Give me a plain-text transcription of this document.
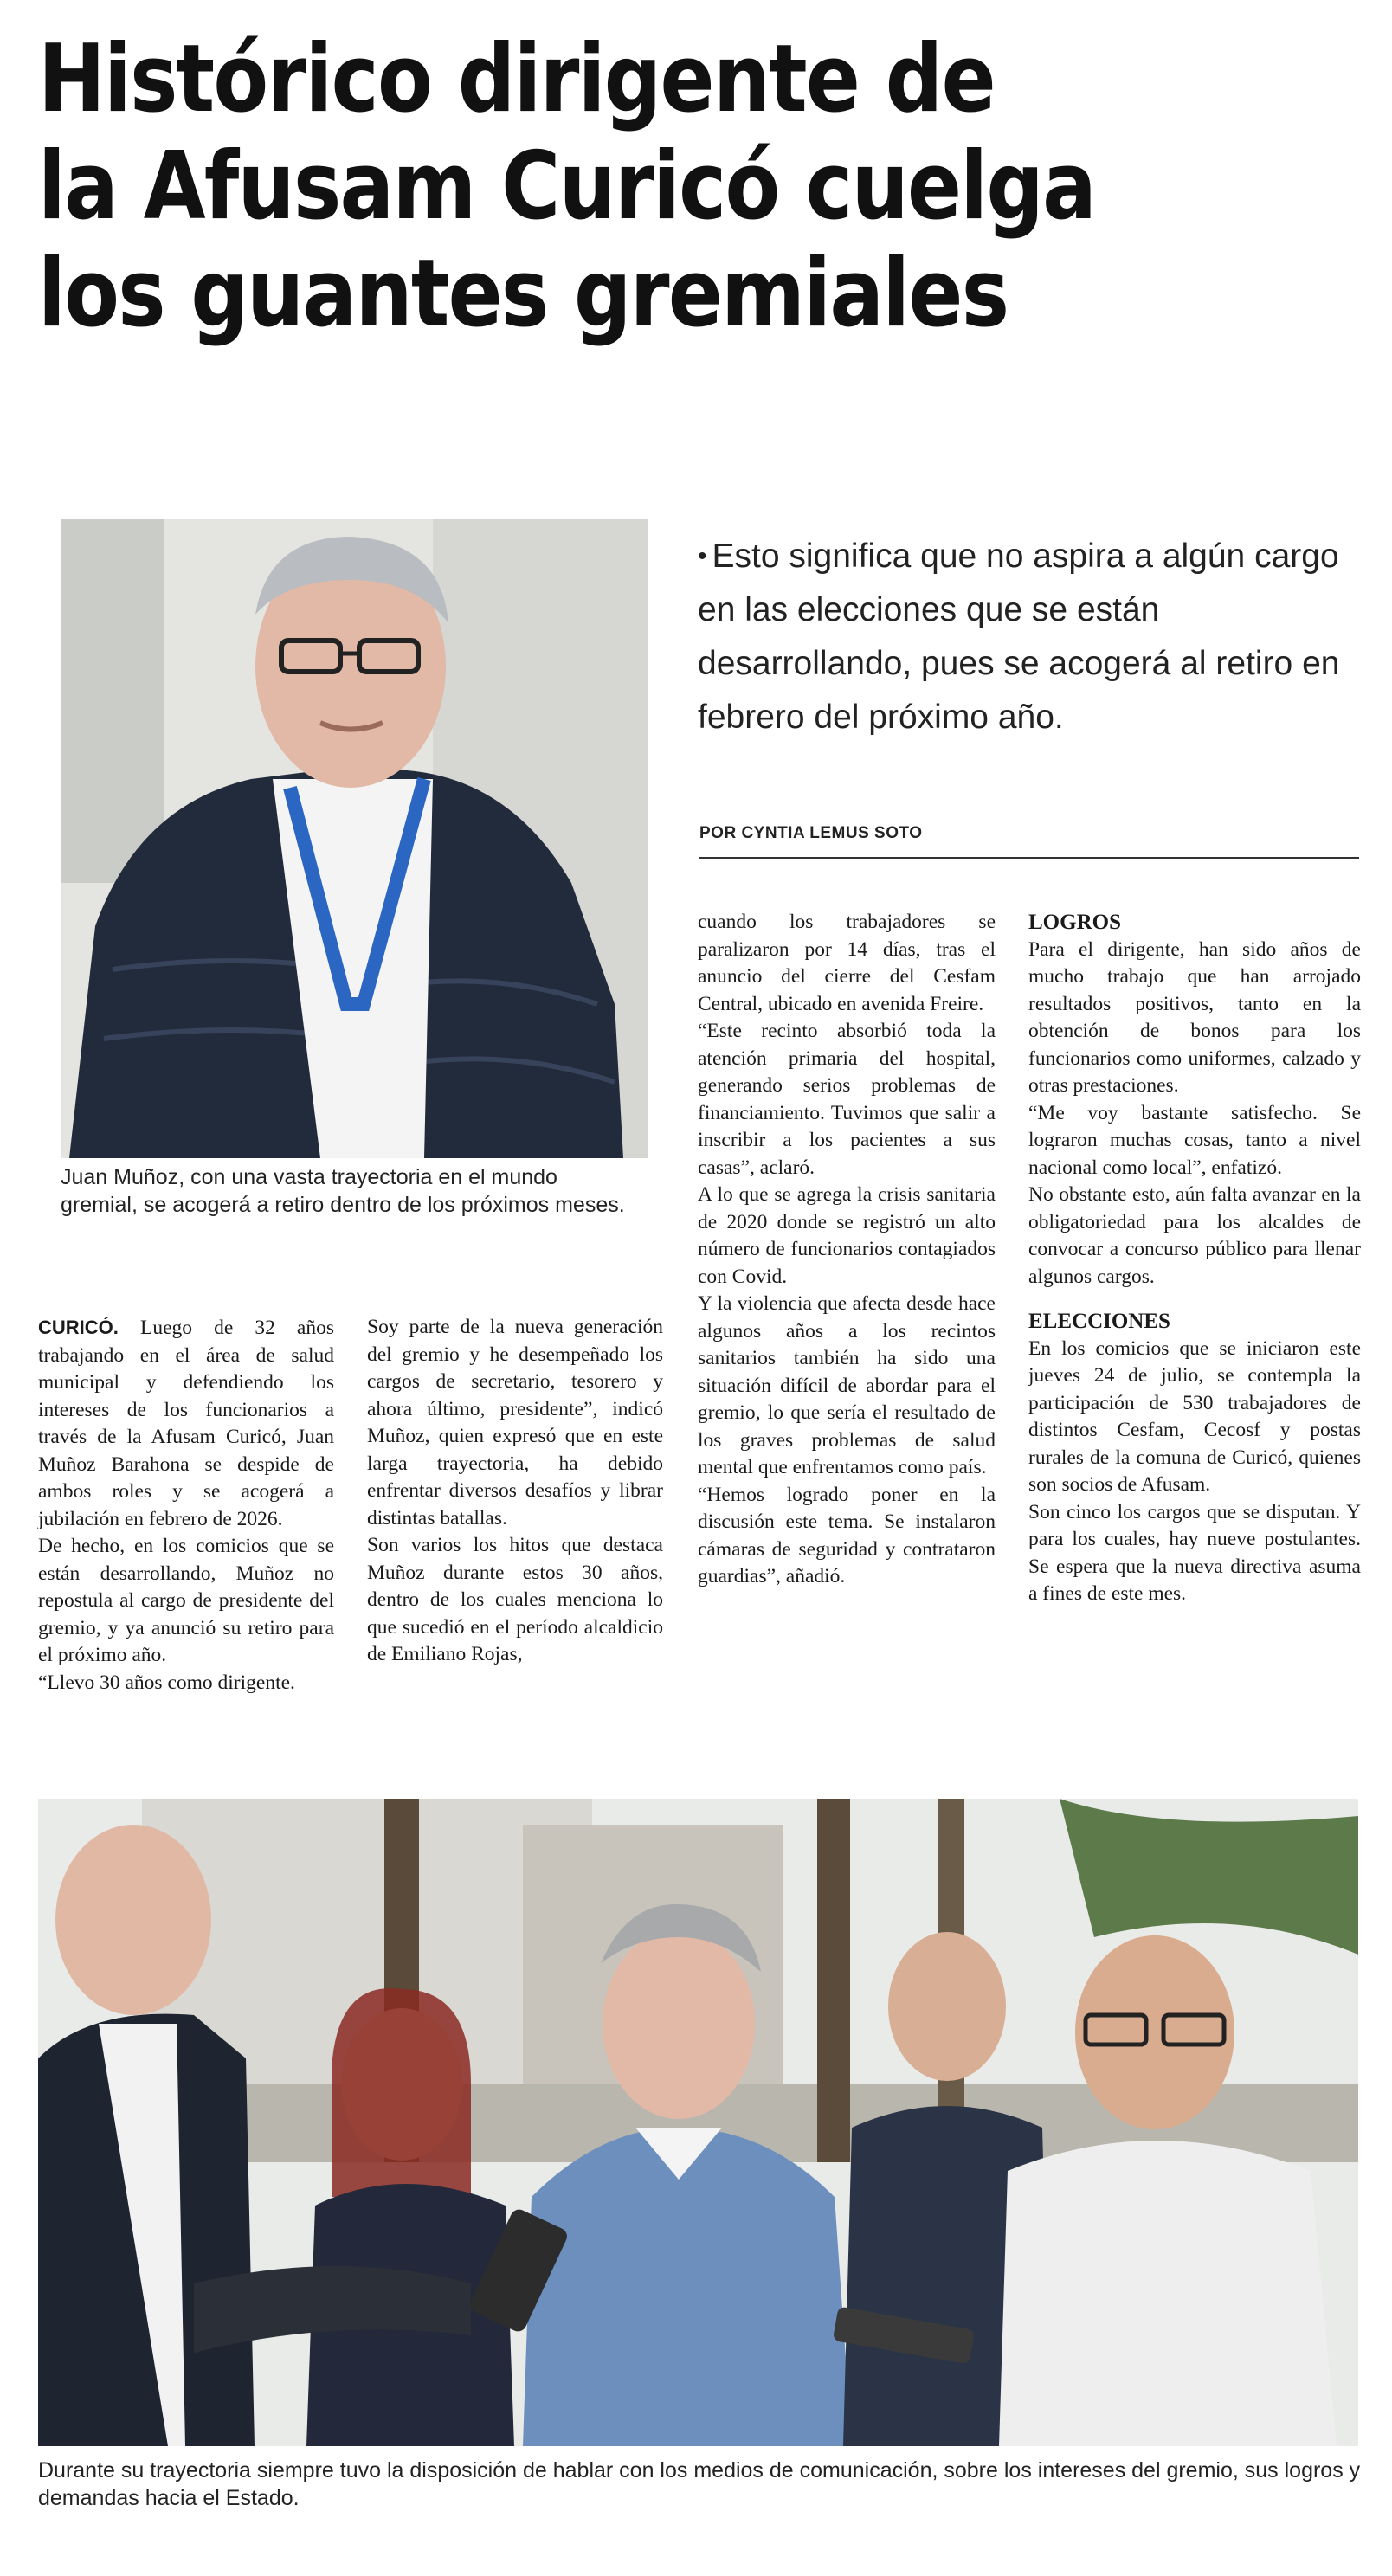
Histórico dirigente de
la Afusam Curicó cuelga
los guantes gremiales
Juan Muñoz, con una vasta trayectoria en el mundo gremial, se acogerá a retiro dentro de los próximos meses.
• Esto significa que no aspira a algún cargo en las elecciones que se están desarrollando, pues se acogerá al retiro en febrero del próximo año.
POR CYNTIA LEMUS SOTO

CURICÓ. Luego de 32 años trabajando en el área de salud municipal y defendiendo los intereses de los funcionarios a través de la Afusam Curicó, Juan Muñoz Barahona se despide de ambos roles y se acogerá a jubilación en febrero de 2026.

De hecho, en los comicios que se están desarrollando, Muñoz no repostula al cargo de presidente del gremio, y ya anunció su retiro para el próximo año.

“Llevo 30 años como dirigente.

Soy parte de la nueva generación del gremio y he desempeñado los cargos de secretario, tesorero y ahora último, presidente”, indicó Muñoz, quien expresó que en este larga trayectoria, ha debido enfrentar diversos desafíos y librar distintas batallas.

Son varios los hitos que destaca Muñoz durante estos 30 años, dentro de los cuales menciona lo que sucedió en el período alcaldicio de Emiliano Rojas,

cuando los trabajadores se paralizaron por 14 días, tras el anuncio del cierre del Cesfam Central, ubicado en avenida Freire.

“Este recinto absorbió toda la atención primaria del hospital, generando serios problemas de financiamiento. Tuvimos que salir a inscribir a los pacientes a sus casas”, aclaró.

A lo que se agrega la crisis sanitaria de 2020 donde se registró un alto número de funcionarios contagiados con Covid.

Y la violencia que afecta desde hace algunos años a los recintos sanitarios también ha sido una situación difícil de abordar para el gremio, lo que sería el resultado de los graves problemas de salud mental que enfrentamos como país.

“Hemos logrado poner en la discusión este tema. Se instalaron cámaras de seguridad y contrataron guardias”, añadió.

LOGROS

Para el dirigente, han sido años de mucho trabajo que han arrojado resultados positivos, tanto en la obtención de bonos para los funcionarios como uniformes, calzado y otras prestaciones.

“Me voy bastante satisfecho. Se lograron muchas cosas, tanto a nivel nacional como local”, enfatizó.

No obstante esto, aún falta avanzar en la obligatoriedad para los alcaldes de convocar a concurso público para llenar algunos cargos.

ELECCIONES

En los comicios que se iniciaron este jueves 24 de julio, se contempla la participación de 530 trabajadores de distintos Cesfam, Cecosf y postas rurales de la comuna de Curicó, quienes son socios de Afusam.

Son cinco los cargos que se disputan. Y para los cuales, hay nueve postulantes. Se espera que la nueva directiva asuma a fines de este mes.

Durante su trayectoria siempre tuvo la disposición de hablar con los medios de comunicación, sobre los intereses del gremio, sus logros y demandas hacia el Estado.
